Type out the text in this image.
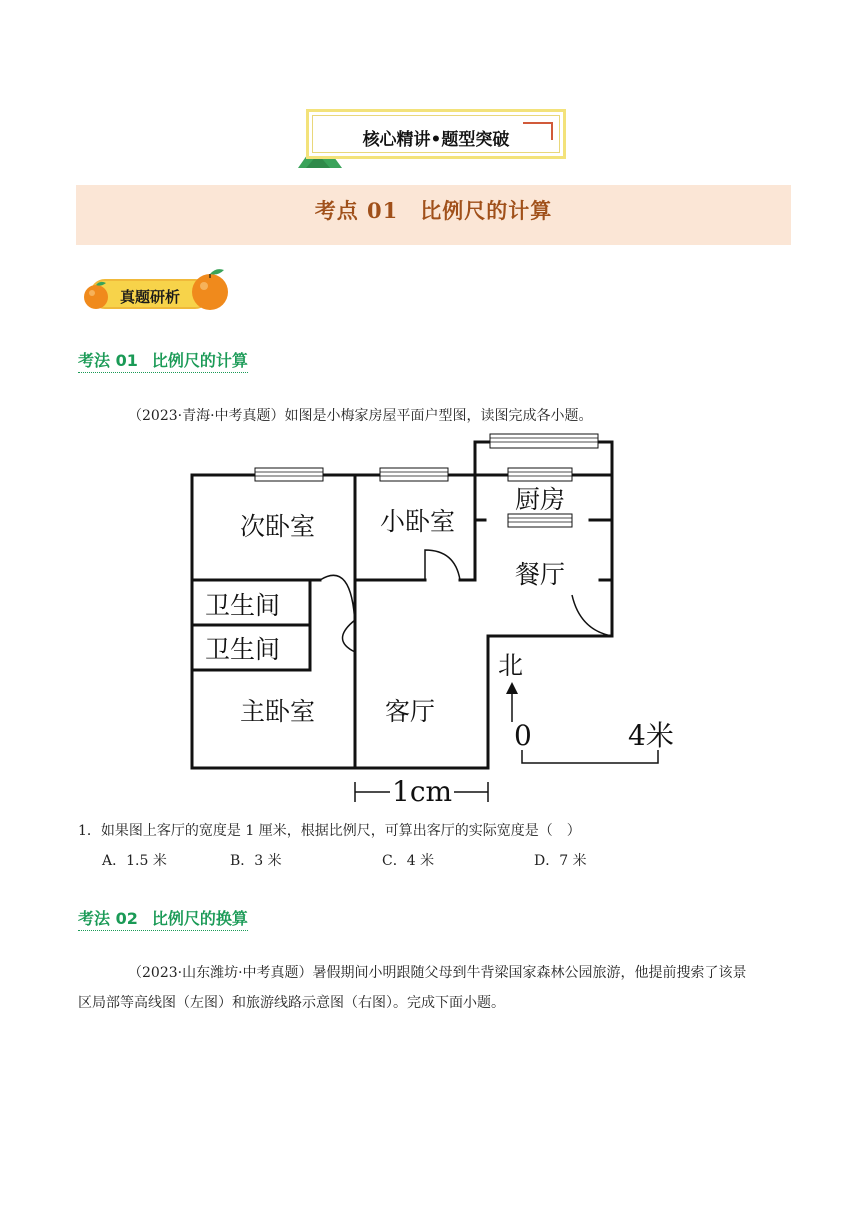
核心精讲•题型突破
考点 01 比例尺的计算
真题研析
考法 01 比例尺的计算
（2023·青海·中考真题）如图是小梅家房屋平面户型图，读图完成各小题。
次卧室	小卧室
厨房
餐厅
卫生间
卫生间
主卧室	客厅
北
0	4米
1cm
1．如果图上客厅的宽度是 1 厘米，根据比例尺，可算出客厅的实际宽度是（　）
A．1.5 米	B．3 米	C．4 米	D．7 米
考法 02 比例尺的换算
（2023·山东潍坊·中考真题）暑假期间小明跟随父母到牛背梁国家森林公园旅游，他提前搜索了该景
区局部等高线图（左图）和旅游线路示意图（右图）。完成下面小题。
